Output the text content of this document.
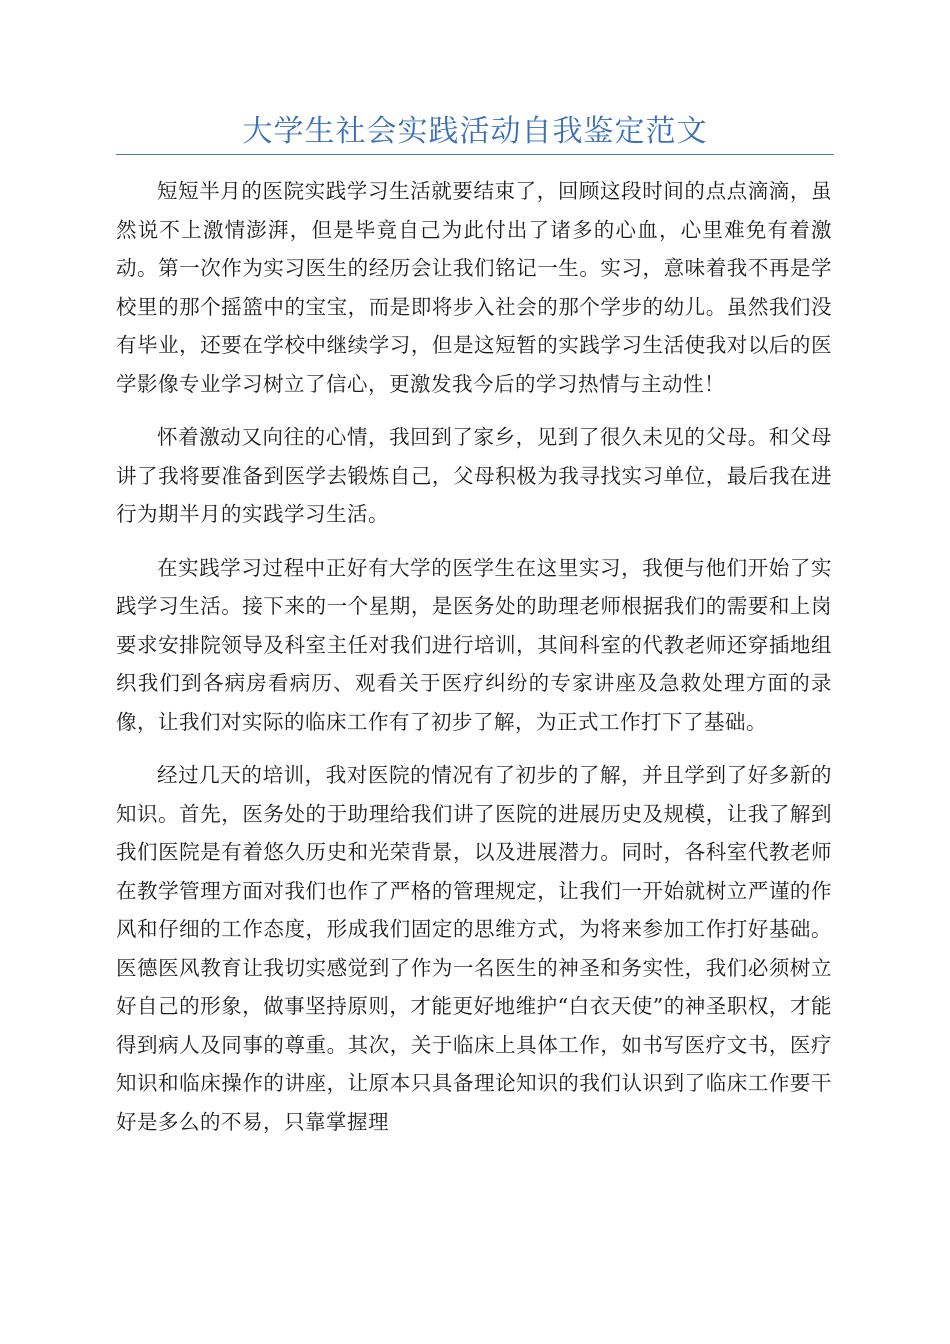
大学生社会实践活动自我鉴定范文

短短半月的医院实践学习生活就要结束了，回顾这段时间的点点滴滴，虽然说不上激情澎湃，但是毕竟自己为此付出了诸多的心血，心里难免有着激动。第一次作为实习医生的经历会让我们铭记一生。实习，意味着我不再是学校里的那个摇篮中的宝宝，而是即将步入社会的那个学步的幼儿。虽然我们没有毕业，还要在学校中继续学习，但是这短暂的实践学习生活使我对以后的医学影像专业学习树立了信心，更激发我今后的学习热情与主动性！

怀着激动又向往的心情，我回到了家乡，见到了很久未见的父母。和父母讲了我将要准备到医学去锻炼自己，父母积极为我寻找实习单位，最后我在进行为期半月的实践学习生活。

在实践学习过程中正好有大学的医学生在这里实习，我便与他们开始了实践学习生活。接下来的一个星期，是医务处的助理老师根据我们的需要和上岗要求安排院领导及科室主任对我们进行培训，其间科室的代教老师还穿插地组织我们到各病房看病历、观看关于医疗纠纷的专家讲座及急救处理方面的录像，让我们对实际的临床工作有了初步了解，为正式工作打下了基础。

经过几天的培训，我对医院的情况有了初步的了解，并且学到了好多新的知识。首先，医务处的于助理给我们讲了医院的进展历史及规模，让我了解到我们医院是有着悠久历史和光荣背景，以及进展潜力。同时，各科室代教老师在教学管理方面对我们也作了严格的管理规定，让我们一开始就树立严谨的作风和仔细的工作态度，形成我们固定的思维方式，为将来参加工作打好基础。医德医风教育让我切实感觉到了作为一名医生的神圣和务实性，我们必须树立好自己的形象，做事坚持原则，才能更好地维护“白衣天使”的神圣职权，才能得到病人及同事的尊重。其次，关于临床上具体工作，如书写医疗文书，医疗知识和临床操作的讲座，让原本只具备理论知识的我们认识到了临床工作要干好是多么的不易，只靠掌握理
